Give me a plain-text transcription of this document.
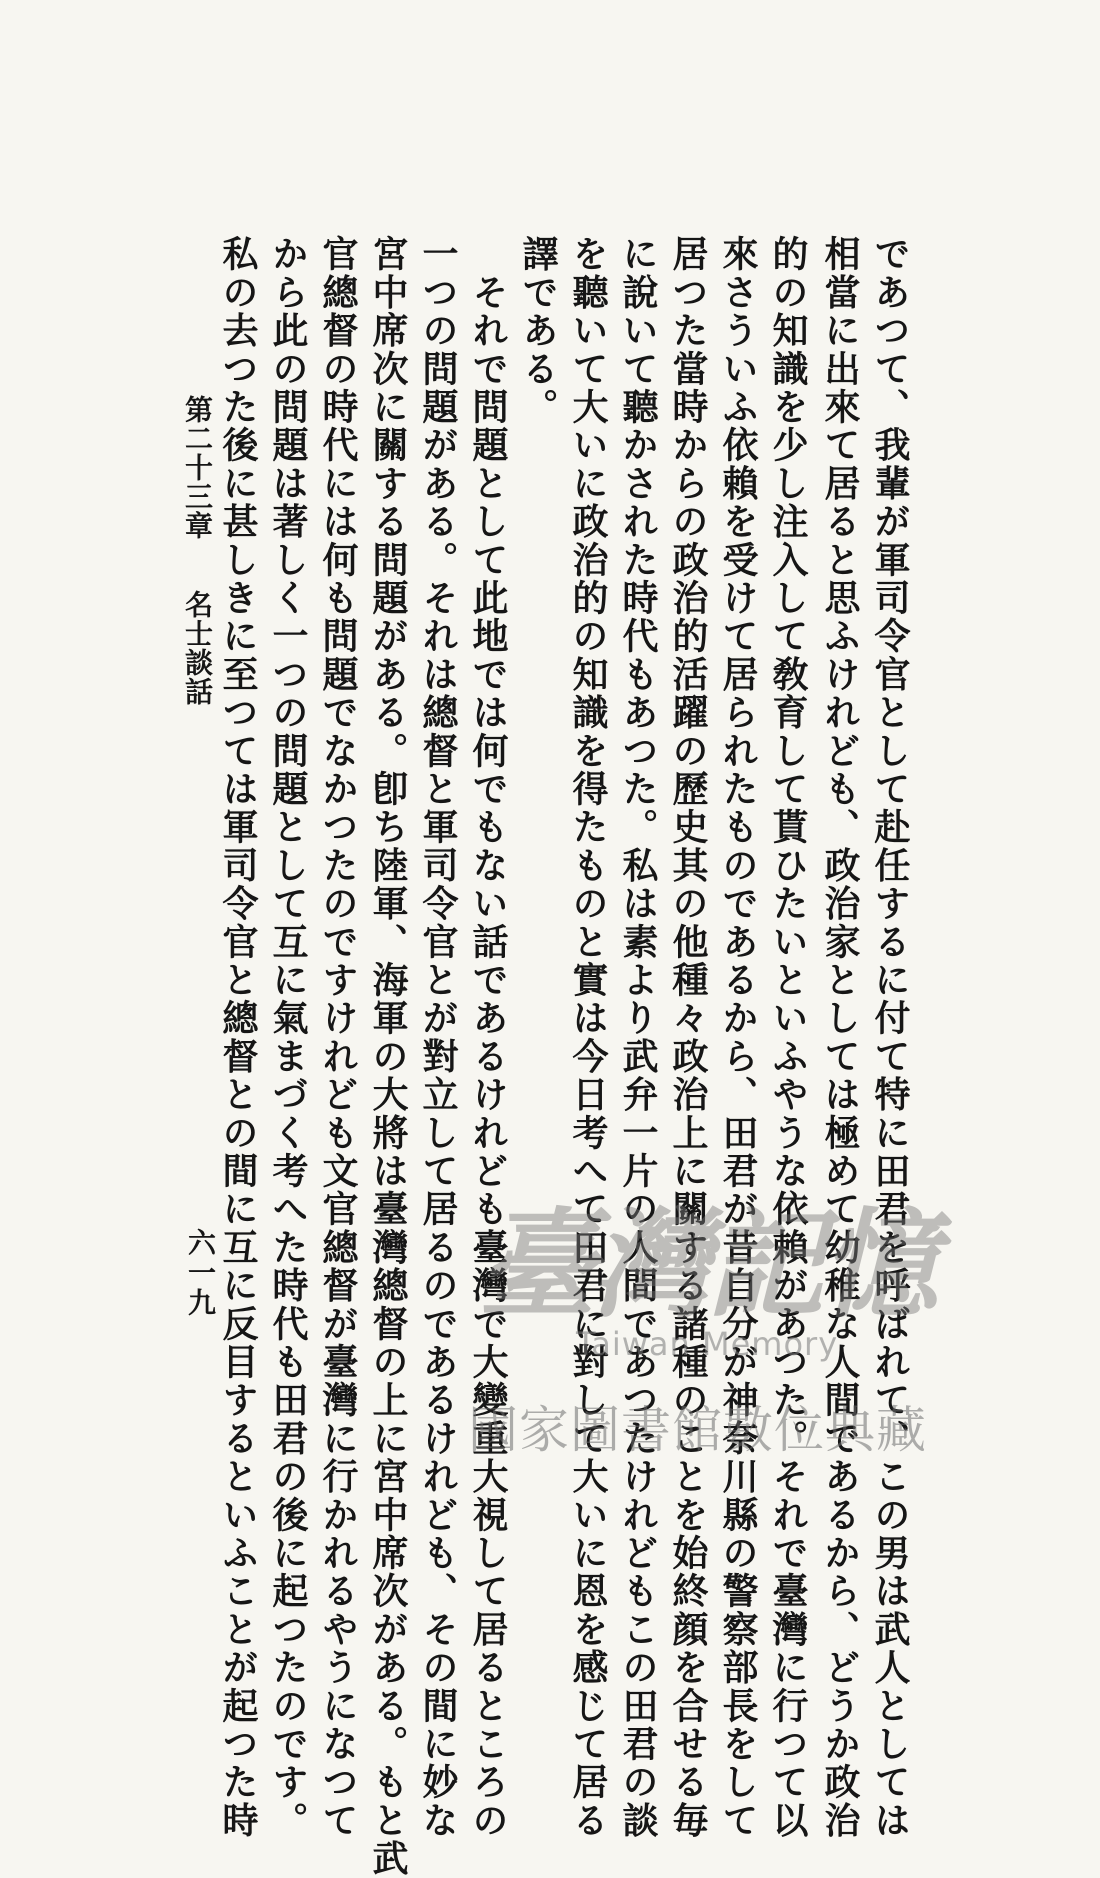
であつて、我輩が軍司令官として赴任するに付て特に田君を呼ばれて、この男は武人としては
相當に出來て居ると思ふけれども、政治家としては極めて幼稚な人間であるから、どうか政治
的の知識を少し注入して敎育して貰ひたいといふやうな依賴があつた。それで臺灣に行つて以
來さういふ依賴を受けて居られたものであるから、田君が昔自分が神奈川縣の警察部長をして
居つた當時からの政治的活躍の歷史其の他種々政治上に關する諸種のことを始終顔を合せる毎
に說いて聽かされた時代もあつた。私は素より武弁一片の人間であつたけれどもこの田君の談
を聽いて大いに政治的の知識を得たものと實は今日考へて田君に對して大いに恩を感じて居る
譯である。
　それで問題として此地では何でもない話であるけれども臺灣で大變重大視して居るところの
一つの問題がある。それは總督と軍司令官とが對立して居るのであるけれども、その間に妙な
宮中席次に關する問題がある。卽ち陸軍、海軍の大將は臺灣總督の上に宮中席次がある。もと武
官總督の時代には何も問題でなかつたのですけれども文官總督が臺灣に行かれるやうになつて
から此の問題は著しく一つの問題として互に氣まづく考へた時代も田君の後に起つたのです。
私の去つた後に甚しきに至つては軍司令官と總督との間に互に反目するといふことが起つた時
第二十三章名士談話
六一九 臺灣記憶
Taiwan Memory
國家圖書館數位典藏
